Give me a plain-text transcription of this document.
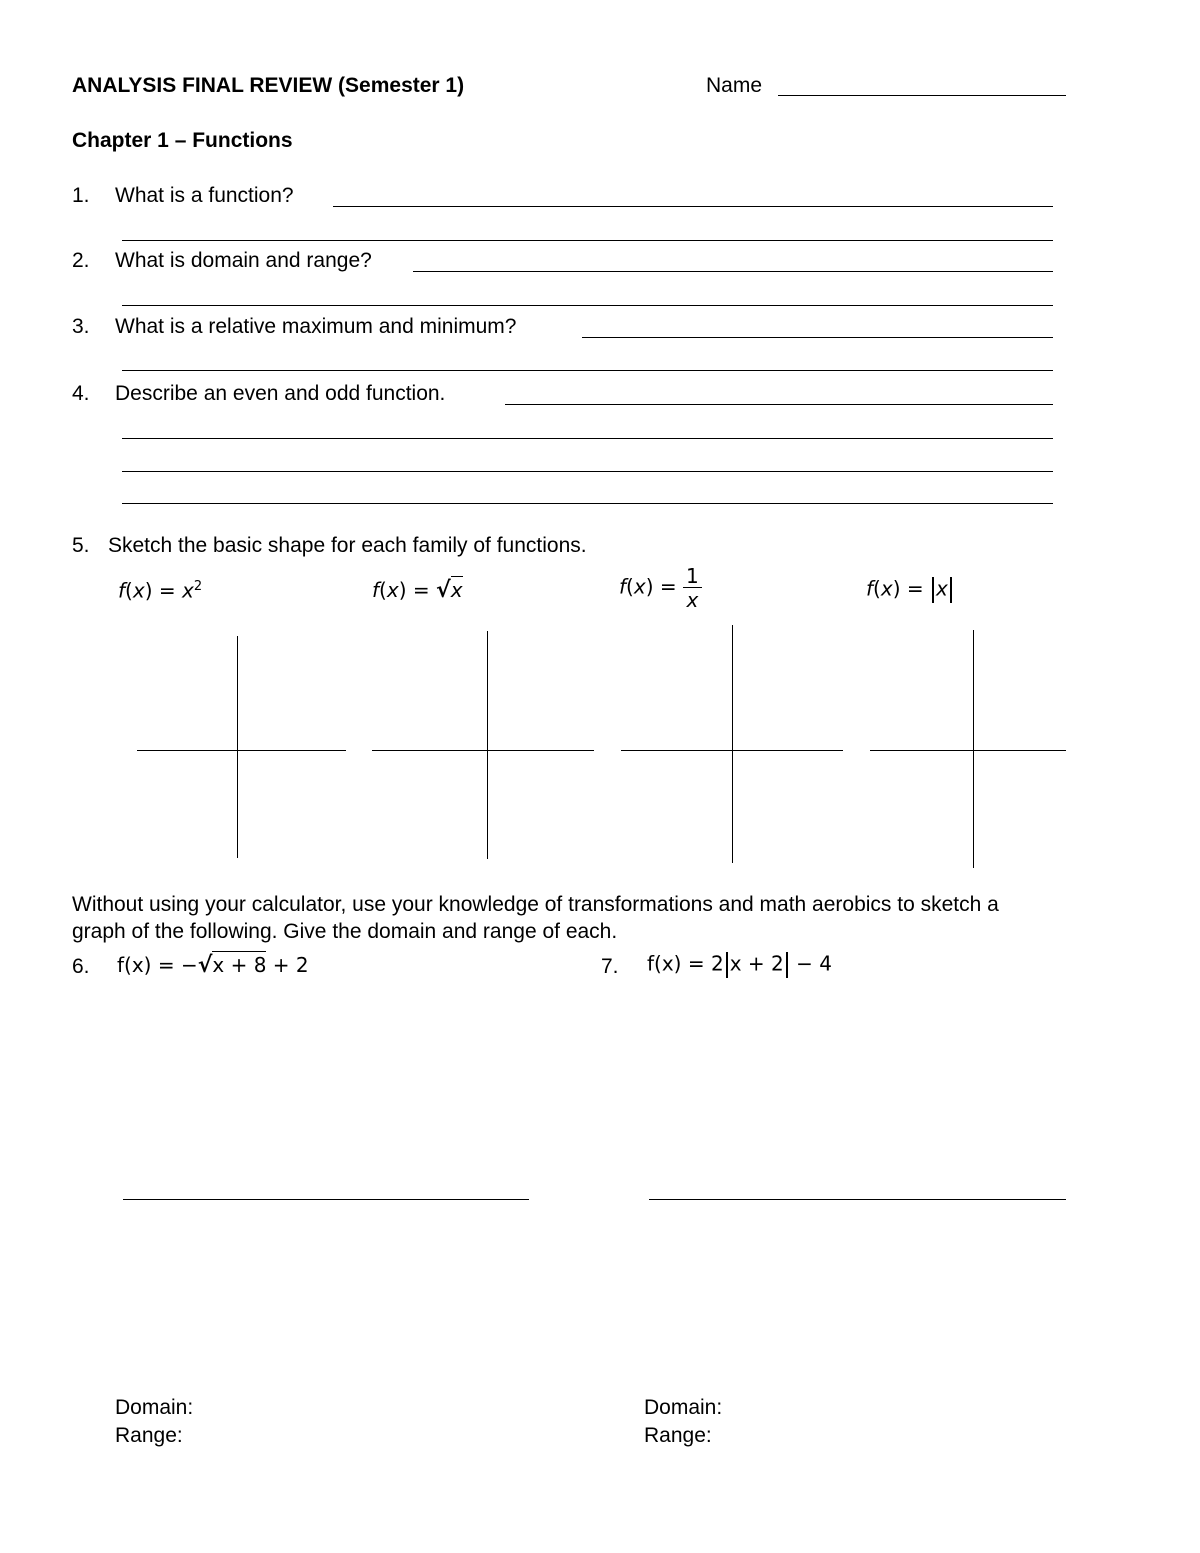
ANALYSIS FINAL REVIEW (Semester 1)	Name
Chapter 1 – Functions
1. What is a function?
2. What is domain and range?
3. What is a relative maximum and minimum?
4. Describe an even and odd function.
5. Sketch the basic shape for each family of functions.
$f(x) = x^2$	f(x) = √x	$f(x) = \frac{1}{x}$	f(x) = x
Without using your calculator, use your knowledge of transformations and math aerobics to sketch a
graph of the following. Give the domain and range of each.
6. f(x) = −√x + 8 + 2	7. f(x) = 2 x + 2 − 4
Domain:
Range:
Domain:
Range:
